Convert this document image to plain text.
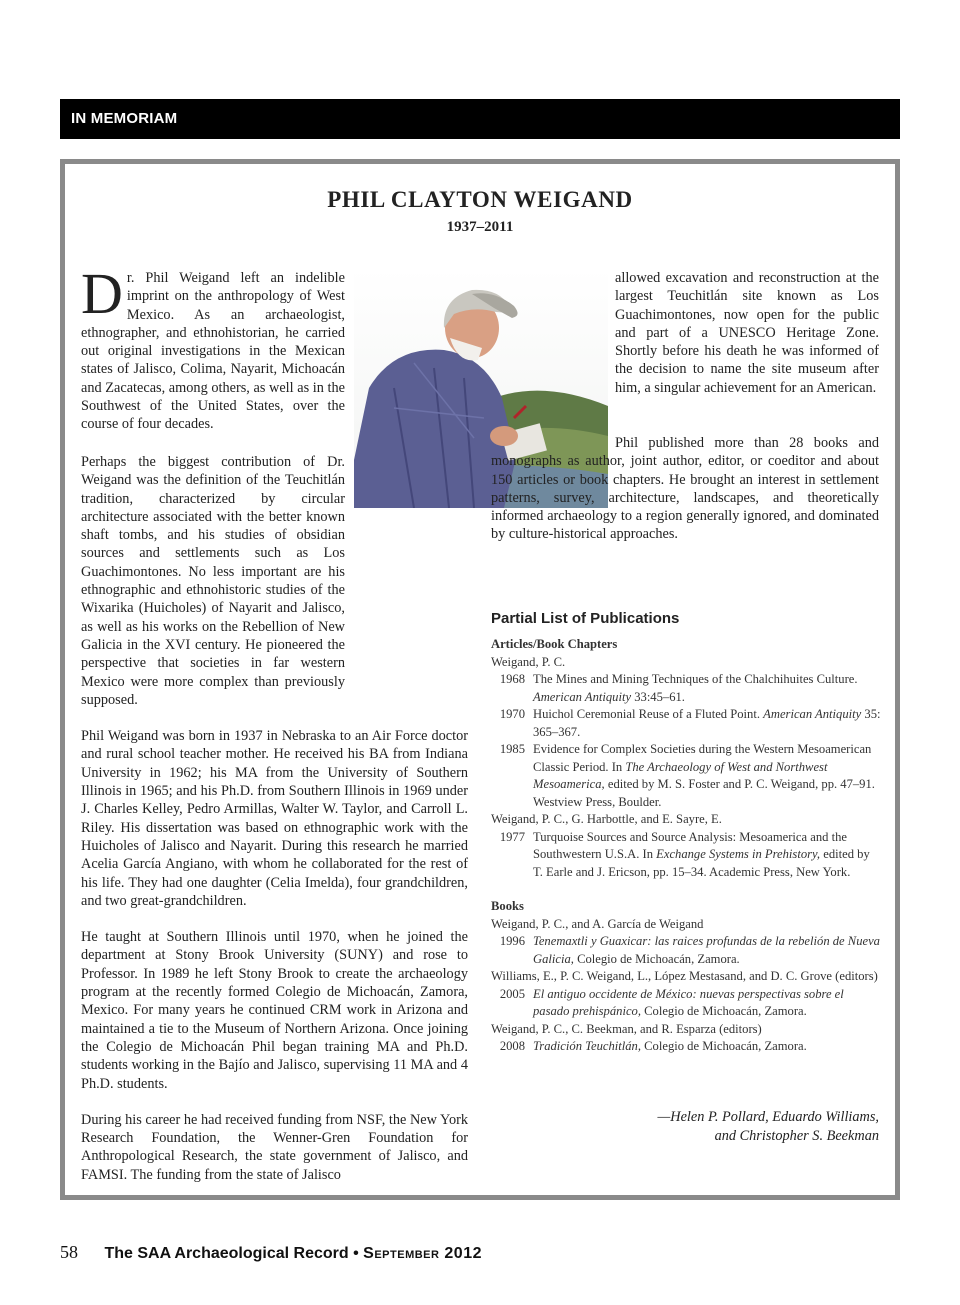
IN MEMORIAM
PHIL CLAYTON WEIGAND
1937–2011

Dr. Phil Weigand left an indelible imprint on the anthropology of West Mexico. As an archaeologist, ethnographer, and ethnohistorian, he carried out original investigations in the Mexican states of Jalisco, Colima, Nayarit, Michoacán and Zacatecas, among others, as well as in the Southwest of the United States, over the course of four decades.

Perhaps the biggest contribution of Dr. Weigand was the definition of the Teuchitlán tradition, characterized by circular architecture associated with the better known shaft tombs, and his studies of obsidian sources and settlements such as Los Guachimontones. No less important are his ethnographic and ethnohistoric studies of the Wixarika (Huicholes) of Nayarit and Jalisco, as well as his works on the Rebellion of New Galicia in the XVI century. He pioneered the perspective that societies in far western Mexico were more complex than previously supposed.

Phil Weigand was born in 1937 in Nebraska to an Air Force doctor and rural school teacher mother. He received his BA from Indiana University in 1962; his MA from the University of Southern Illinois in 1965; and his Ph.D. from Southern Illinois in 1969 under J. Charles Kelley, Pedro Armillas, Walter W. Taylor, and Carroll L. Riley. His dissertation was based on ethnographic work with the Huicholes of Jalisco and Nayarit. During this research he married Acelia García Angiano, with whom he collaborated for the rest of his life. They had one daughter (Celia Imelda), four grandchildren, and two great-grandchildren.

He taught at Southern Illinois until 1970, when he joined the department at Stony Brook University (SUNY) and rose to Professor. In 1989 he left Stony Brook to create the archaeology program at the recently formed Colegio de Michoacán, Zamora, Mexico. For many years he continued CRM work in Arizona and maintained a tie to the Museum of Northern Arizona. Once joining the Colegio de Michoacán Phil began training MA and Ph.D. students working in the Bajío and Jalisco, supervising 11 MA and 4 Ph.D. students.

During his career he had received funding from NSF, the New York Research Foundation, the Wenner-Gren Foundation for Anthropological Research, the state government of Jalisco, and FAMSI. The funding from the state of Jalisco

allowed excavation and reconstruction at the largest Teuchitlán site known as Los Guachimontones, now open for the public and part of a UNESCO Heritage Zone. Shortly before his death he was informed of the decision to name the site museum after him, a singular achievement for an American.

Phil published more than 28 books and monographs as author, joint author, editor, or coeditor and about 150 articles or book chapters. He brought an interest in settlement patterns, survey, architecture, landscapes, and theoretically informed archaeology to a region generally ignored, and dominated by culture-historical approaches.

Partial List of Publications
Articles/Book Chapters
Weigand, P. C.
1968 The Mines and Mining Techniques of the Chalchihuites Culture. American Antiquity 33:45–61.
1970 Huichol Ceremonial Reuse of a Fluted Point. American Antiquity 35: 365–367.
1985 Evidence for Complex Societies during the Western Mesoamerican Classic Period. In The Archaeology of West and Northwest Mesoamerica, edited by M. S. Foster and P. C. Weigand, pp. 47–91. Westview Press, Boulder.
Weigand, P. C., G. Harbottle, and E. Sayre, E.
1977 Turquoise Sources and Source Analysis: Mesoamerica and the Southwestern U.S.A. In Exchange Systems in Prehistory, edited by T. Earle and J. Ericson, pp. 15–34. Academic Press, New York.
Books
Weigand, P. C., and A. García de Weigand
1996 Tenemaxtli y Guaxicar: las raices profundas de la rebelión de Nueva Galicia, Colegio de Michoacán, Zamora.
Williams, E., P. C. Weigand, L., López Mestasand, and D. C. Grove (editors)
2005 El antiguo occidente de México: nuevas perspectivas sobre el pasado prehispánico, Colegio de Michoacán, Zamora.
Weigand, P. C., C. Beekman, and R. Esparza (editors)
2008 Tradición Teuchitlán, Colegio de Michoacán, Zamora.
—Helen P. Pollard, Eduardo Williams,
and Christopher S. Beekman
58 The SAA Archaeological Record • September 2012
